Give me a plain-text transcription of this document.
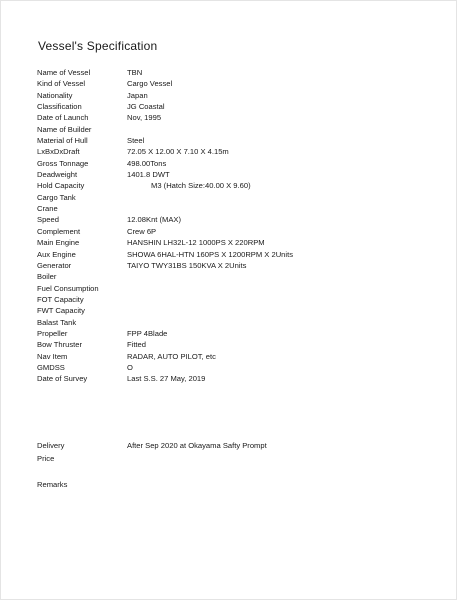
Vessel's Specification
Name of Vessel	TBN
Kind of Vessel	Cargo Vessel
Nationality	Japan
Classification	JG Coastal
Date of Launch	Nov, 1995
Name of Builder
Material of Hull	Steel
LxBxDxDraft	72.05 X 12.00 X 7.10 X 4.15m
Gross Tonnage	498.00Tons
Deadweight	1401.8 DWT
Hold Capacity	M3 (Hatch Size:40.00 X 9.60)
Cargo Tank
Crane
Speed	12.08Knt (MAX)
Complement	Crew 6P
Main Engine	HANSHIN LH32L-12 1000PS X 220RPM
Aux Engine	SHOWA 6HAL-HTN 160PS X 1200RPM X 2Units
Generator	TAIYO TWY31BS 150KVA X 2Units
Boiler
Fuel Consumption
FOT Capacity
FWT Capacity
Balast Tank
Propeller	FPP 4Blade
Bow Thruster	Fitted
Nav Item	RADAR, AUTO PILOT, etc
GMDSS	O
Date of Survey	Last S.S. 27 May, 2019
Delivery	After Sep 2020 at Okayama Safty Prompt
Price
Remarks
